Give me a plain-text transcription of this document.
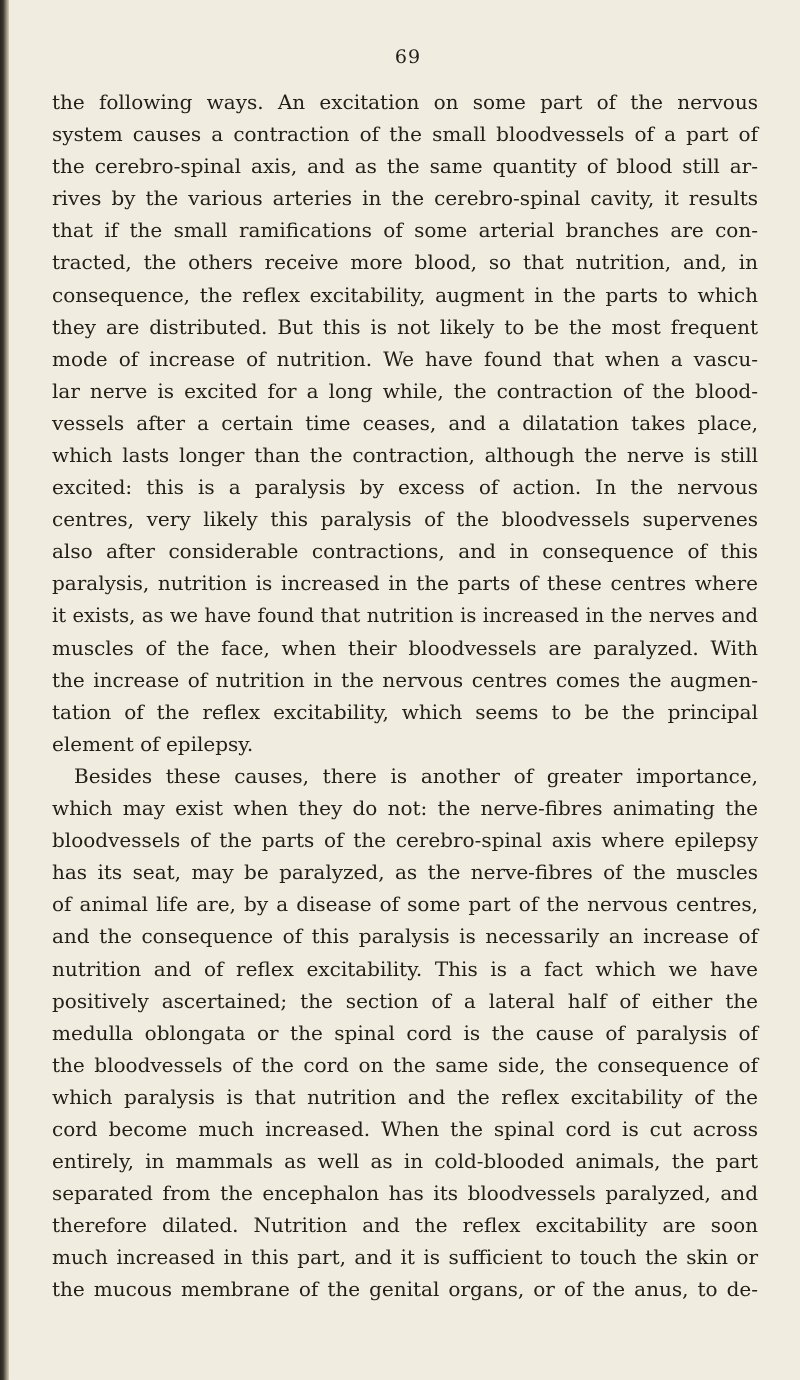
69
the following ways. An excitation on some part of the nervous
system causes a contraction of the small bloodvessels of a part of
the cerebro-spinal axis, and as the same quantity of blood still ar-
rives by the various arteries in the cerebro-spinal cavity, it results
that if the small ramifications of some arterial branches are con-
tracted, the others receive more blood, so that nutrition, and, in
consequence, the reflex excitability, augment in the parts to which
they are distributed. But this is not likely to be the most frequent
mode of increase of nutrition. We have found that when a vascu-
lar nerve is excited for a long while, the contraction of the blood-
vessels after a certain time ceases, and a dilatation takes place,
which lasts longer than the contraction, although the nerve is still
excited: this is a paralysis by excess of action. In the nervous
centres, very likely this paralysis of the bloodvessels supervenes
also after considerable contractions, and in consequence of this
paralysis, nutrition is increased in the parts of these centres where
it exists, as we have found that nutrition is increased in the nerves and
muscles of the face, when their bloodvessels are paralyzed. With
the increase of nutrition in the nervous centres comes the augmen-
tation of the reflex excitability, which seems to be the principal
element of epilepsy.
Besides these causes, there is another of greater importance,
which may exist when they do not: the nerve-fibres animating the
bloodvessels of the parts of the cerebro-spinal axis where epilepsy
has its seat, may be paralyzed, as the nerve-fibres of the muscles
of animal life are, by a disease of some part of the nervous centres,
and the consequence of this paralysis is necessarily an increase of
nutrition and of reflex excitability. This is a fact which we have
positively ascertained; the section of a lateral half of either the
medulla oblongata or the spinal cord is the cause of paralysis of
the bloodvessels of the cord on the same side, the consequence of
which paralysis is that nutrition and the reflex excitability of the
cord become much increased. When the spinal cord is cut across
entirely, in mammals as well as in cold-blooded animals, the part
separated from the encephalon has its bloodvessels paralyzed, and
therefore dilated. Nutrition and the reflex excitability are soon
much increased in this part, and it is sufficient to touch the skin or
the mucous membrane of the genital organs, or of the anus, to de-
